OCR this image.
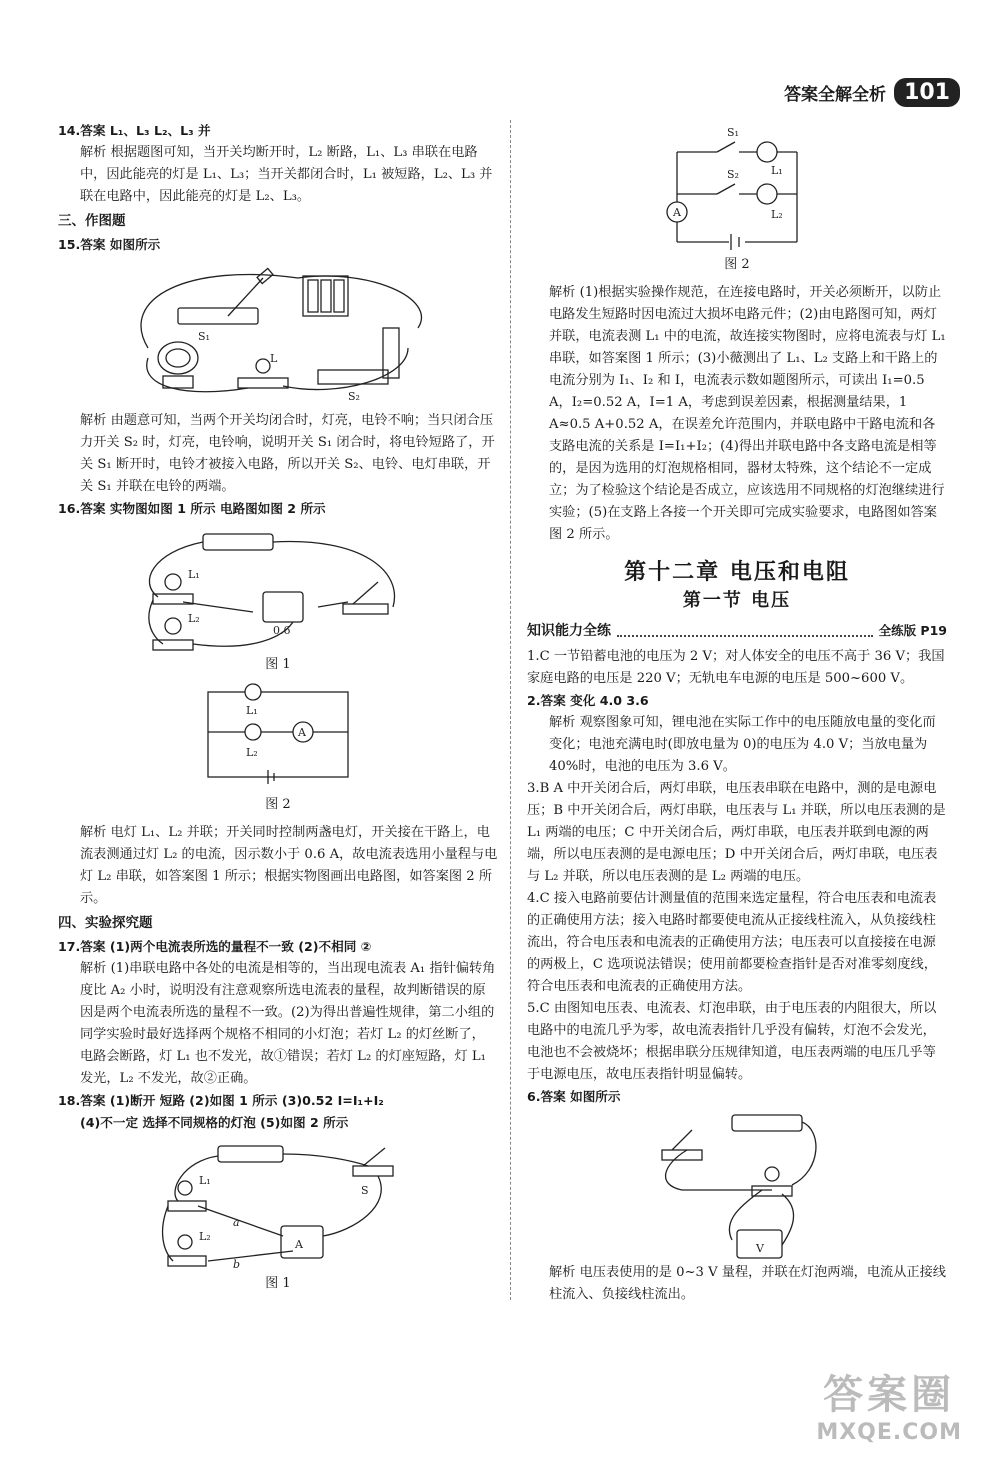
答案全解全析 101

14.答案 L₁、L₃ L₂、L₃ 并

解析 根据题图可知，当开关均断开时，L₂ 断路，L₁、L₃ 串联在电路中，因此能亮的灯是 L₁、L₃；当开关都闭合时，L₁ 被短路，L₂、L₃ 并联在电路中，因此能亮的灯是 L₂、L₃。

三、作图题

15.答案 如图所示

S₁
L
S₂

解析 由题意可知，当两个开关均闭合时，灯亮，电铃不响；当只闭合压力开关 S₂ 时，灯亮，电铃响，说明开关 S₁ 闭合时，将电铃短路了，开关 S₁ 断开时，电铃才被接入电路，所以开关 S₂、电铃、电灯串联，开关 S₁ 并联在电铃的两端。

16.答案 实物图如图 1 所示 电路图如图 2 所示

L₁
L₂
0.6

图 1

A
L₁
L₂

图 2

解析 电灯 L₁、L₂ 并联；开关同时控制两盏电灯，开关接在干路上，电流表测通过灯 L₂ 的电流，因示数小于 0.6 A，故电流表选用小量程与电灯 L₂ 串联，如答案图 1 所示；根据实物图画出电路图，如答案图 2 所示。

四、实验探究题

17.答案 (1)两个电流表所选的量程不一致 (2)不相同 ②

解析 (1)串联电路中各处的电流是相等的，当出现电流表 A₁ 指针偏转角度比 A₂ 小时，说明没有注意观察所选电流表的量程，故判断错误的原因是两个电流表所选的量程不一致。(2)为得出普遍性规律，第二小组的同学实验时最好选择两个规格不相同的小灯泡；若灯 L₂ 的灯丝断了，电路会断路，灯 L₁ 也不发光，故①错误；若灯 L₂ 的灯座短路，灯 L₁ 发光，L₂ 不发光，故②正确。

18.答案 (1)断开 短路 (2)如图 1 所示 (3)0.52 I=I₁+I₂

(4)不一定 选择不同规格的灯泡 (5)如图 2 所示

L₁
L₂
a
b
S
A

图 1

S₁
S₂	L₁
L₂
A

图 2

解析 (1)根据实验操作规范，在连接电路时，开关必须断开，以防止电路发生短路时因电流过大损坏电路元件；(2)由电路图可知，两灯并联，电流表测 L₁ 中的电流，故连接实物图时，应将电流表与灯 L₁ 串联，如答案图 1 所示；(3)小薇测出了 L₁、L₂ 支路上和干路上的电流分别为 I₁、I₂ 和 I，电流表示数如题图所示，可读出 I₁=0.5 A，I₂=0.52 A，I=1 A，考虑到误差因素，根据测量结果，1 A≈0.5 A+0.52 A，在误差允许范围内，并联电路中干路电流和各支路电流的关系是 I=I₁+I₂；(4)得出并联电路中各支路电流是相等的，是因为选用的灯泡规格相同，器材太特殊，这个结论不一定成立；为了检验这个结论是否成立，应该选用不同规格的灯泡继续进行实验；(5)在支路上各接一个开关即可完成实验要求，电路图如答案图 2 所示。

第十二章 电压和电阻

第一节 电压

知识能力全练	全练版 P19

1.C 一节铅蓄电池的电压为 2 V；对人体安全的电压不高于 36 V；我国家庭电路的电压是 220 V；无轨电车电源的电压是 500~600 V。

2.答案 变化 4.0 3.6

解析 观察图象可知，锂电池在实际工作中的电压随放电量的变化而变化；电池充满电时(即放电量为 0)的电压为 4.0 V；当放电量为 40%时，电池的电压为 3.6 V。

3.B A 中开关闭合后，两灯串联，电压表串联在电路中，测的是电源电压；B 中开关闭合后，两灯串联，电压表与 L₁ 并联，所以电压表测的是 L₁ 两端的电压；C 中开关闭合后，两灯串联，电压表并联到电源的两端，所以电压表测的是电源电压；D 中开关闭合后，两灯串联，电压表与 L₂ 并联，所以电压表测的是 L₂ 两端的电压。

4.C 接入电路前要估计测量值的范围来选定量程，符合电压表和电流表的正确使用方法；接入电路时都要使电流从正接线柱流入，从负接线柱流出，符合电压表和电流表的正确使用方法；电压表可以直接接在电源的两极上，C 选项说法错误；使用前都要检查指针是否对准零刻度线，符合电压表和电流表的正确使用方法。

5.C 由图知电压表、电流表、灯泡串联，由于电压表的内阻很大，所以电路中的电流几乎为零，故电流表指针几乎没有偏转，灯泡不会发光，电池也不会被烧坏；根据串联分压规律知道，电压表两端的电压几乎等于电源电压，故电压表指针明显偏转。

6.答案 如图所示

V

解析 电压表使用的是 0~3 V 量程，并联在灯泡两端，电流从正接线柱流入、负接线柱流出。

答案圈
MXQE.COM
